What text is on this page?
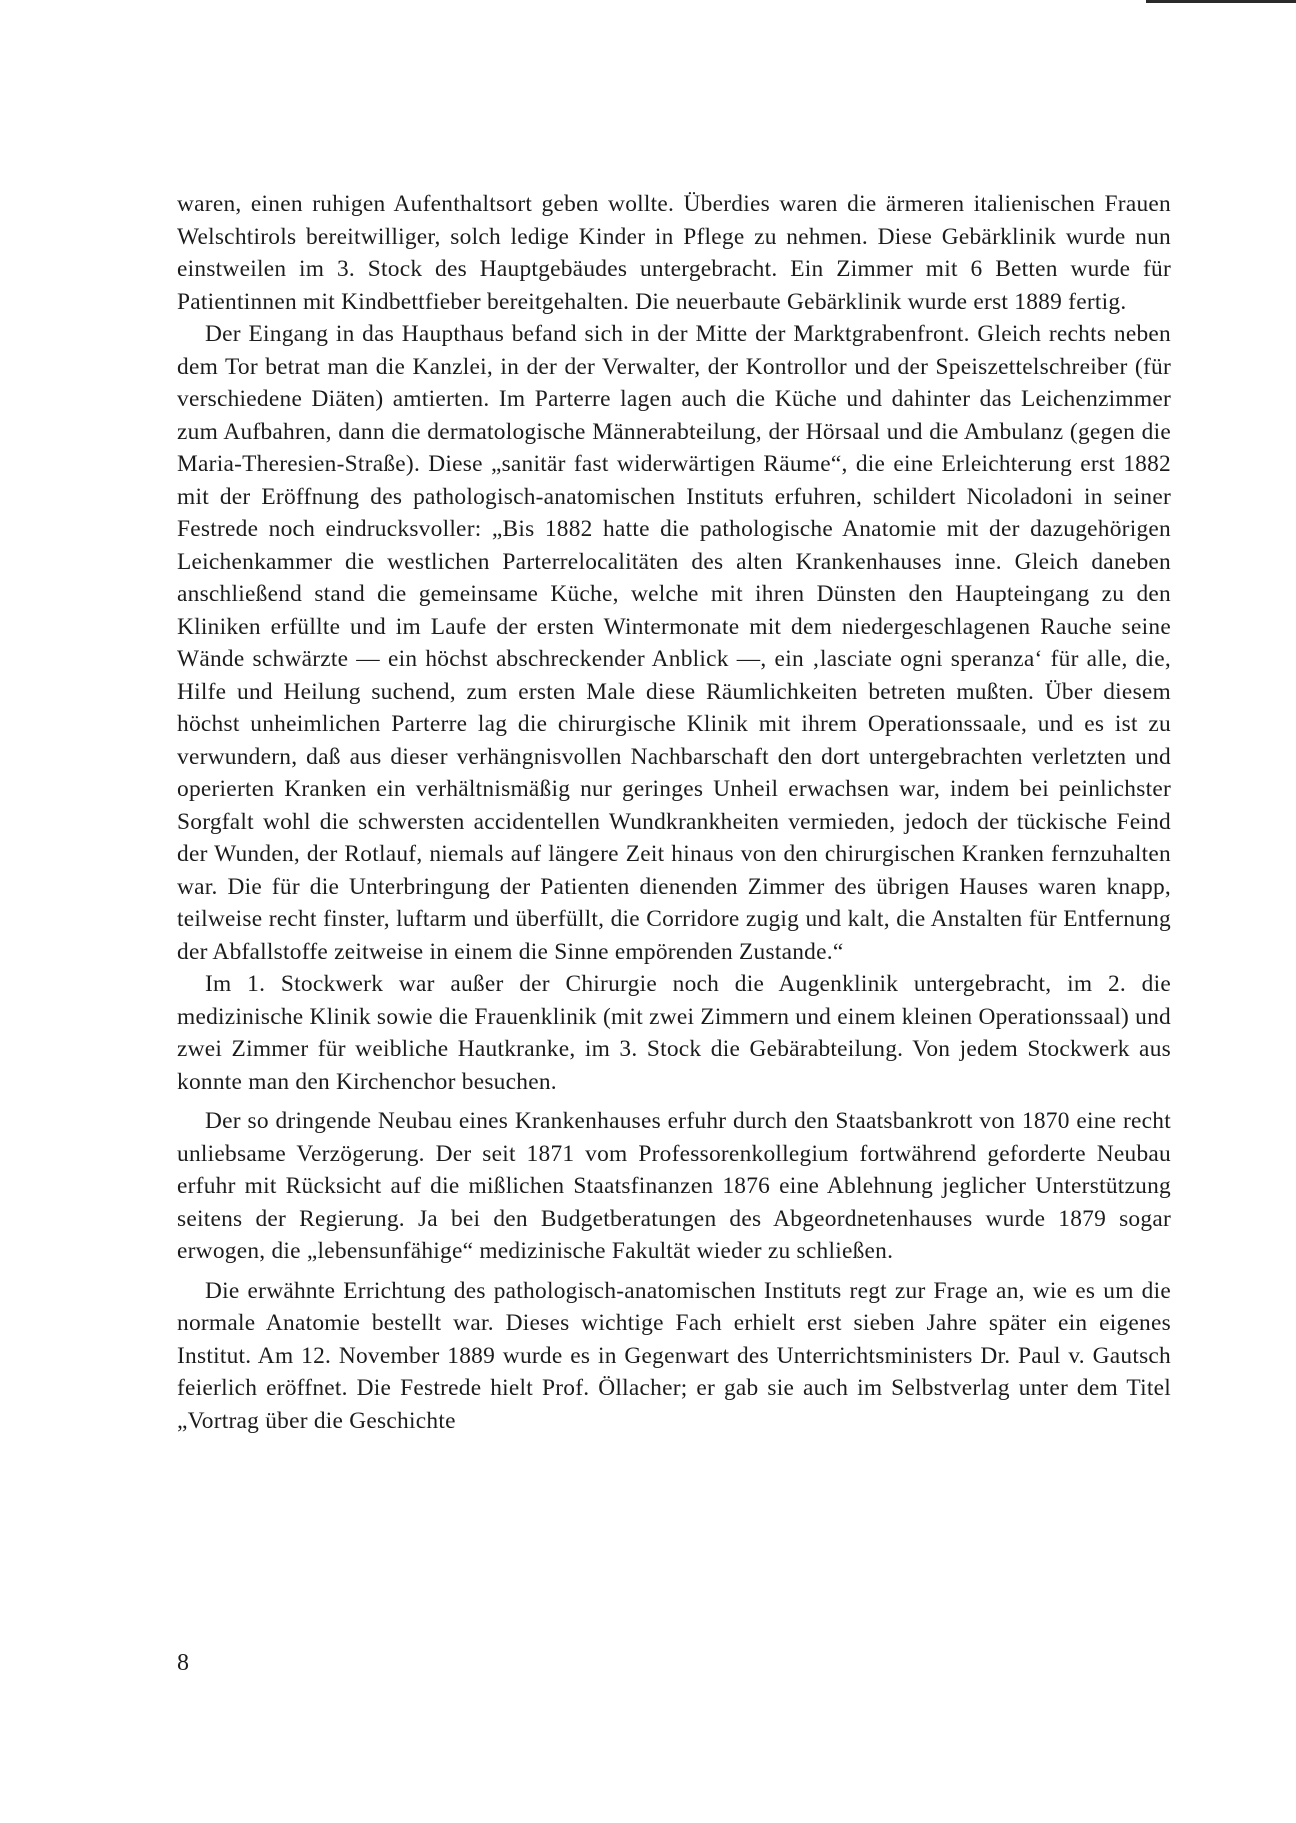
waren, einen ruhigen Aufenthaltsort geben wollte. Überdies waren die ärmeren italienischen Frauen Welschtirols bereitwilliger, solch ledige Kinder in Pflege zu nehmen. Diese Gebärklinik wurde nun einstweilen im 3. Stock des Hauptgebäudes untergebracht. Ein Zimmer mit 6 Betten wurde für Patientinnen mit Kindbettfieber bereitgehalten. Die neuerbaute Gebärklinik wurde erst 1889 fertig.

Der Eingang in das Haupthaus befand sich in der Mitte der Marktgrabenfront. Gleich rechts neben dem Tor betrat man die Kanzlei, in der der Verwalter, der Kontrollor und der Speiszettelschreiber (für verschiedene Diäten) amtierten. Im Parterre lagen auch die Küche und dahinter das Leichenzimmer zum Aufbahren, dann die dermatologische Männerabteilung, der Hörsaal und die Ambulanz (gegen die Maria-Theresien-Straße). Diese „sanitär fast widerwärtigen Räume“, die eine Erleichterung erst 1882 mit der Eröffnung des pathologisch-anatomischen Instituts erfuhren, schildert Nicoladoni in seiner Festrede noch eindrucksvoller: „Bis 1882 hatte die pathologische Anatomie mit der dazugehörigen Leichenkammer die westlichen Parterrelocalitäten des alten Krankenhauses inne. Gleich daneben anschließend stand die gemeinsame Küche, welche mit ihren Dünsten den Haupteingang zu den Kliniken erfüllte und im Laufe der ersten Wintermonate mit dem niedergeschlagenen Rauche seine Wände schwärzte — ein höchst abschreckender Anblick —, ein ‚lasciate ogni speranza‘ für alle, die, Hilfe und Heilung suchend, zum ersten Male diese Räumlichkeiten betreten mußten. Über diesem höchst unheimlichen Parterre lag die chirurgische Klinik mit ihrem Operationssaale, und es ist zu verwundern, daß aus dieser verhängnisvollen Nachbarschaft den dort untergebrachten verletzten und operierten Kranken ein verhältnismäßig nur geringes Unheil erwachsen war, indem bei peinlichster Sorgfalt wohl die schwersten accidentellen Wundkrankheiten vermieden, jedoch der tückische Feind der Wunden, der Rotlauf, niemals auf längere Zeit hinaus von den chirurgischen Kranken fernzuhalten war. Die für die Unterbringung der Patienten dienenden Zimmer des übrigen Hauses waren knapp, teilweise recht finster, luftarm und überfüllt, die Corridore zugig und kalt, die Anstalten für Entfernung der Abfallstoffe zeitweise in einem die Sinne empörenden Zustande.“

Im 1. Stockwerk war außer der Chirurgie noch die Augenklinik untergebracht, im 2. die medizinische Klinik sowie die Frauenklinik (mit zwei Zimmern und einem kleinen Operationssaal) und zwei Zimmer für weibliche Hautkranke, im 3. Stock die Gebärabteilung. Von jedem Stockwerk aus konnte man den Kirchenchor besuchen.

Der so dringende Neubau eines Krankenhauses erfuhr durch den Staatsbankrott von 1870 eine recht unliebsame Verzögerung. Der seit 1871 vom Professorenkollegium fortwährend geforderte Neubau erfuhr mit Rücksicht auf die mißlichen Staatsfinanzen 1876 eine Ablehnung jeglicher Unterstützung seitens der Regierung. Ja bei den Budgetberatungen des Abgeordnetenhauses wurde 1879 sogar erwogen, die „lebensunfähige“ medizinische Fakultät wieder zu schließen.

Die erwähnte Errichtung des pathologisch-anatomischen Instituts regt zur Frage an, wie es um die normale Anatomie bestellt war. Dieses wichtige Fach erhielt erst sieben Jahre später ein eigenes Institut. Am 12. November 1889 wurde es in Gegenwart des Unterrichtsministers Dr. Paul v. Gautsch feierlich eröffnet. Die Festrede hielt Prof. Öllacher; er gab sie auch im Selbstverlag unter dem Titel „Vortrag über die Geschichte

8
